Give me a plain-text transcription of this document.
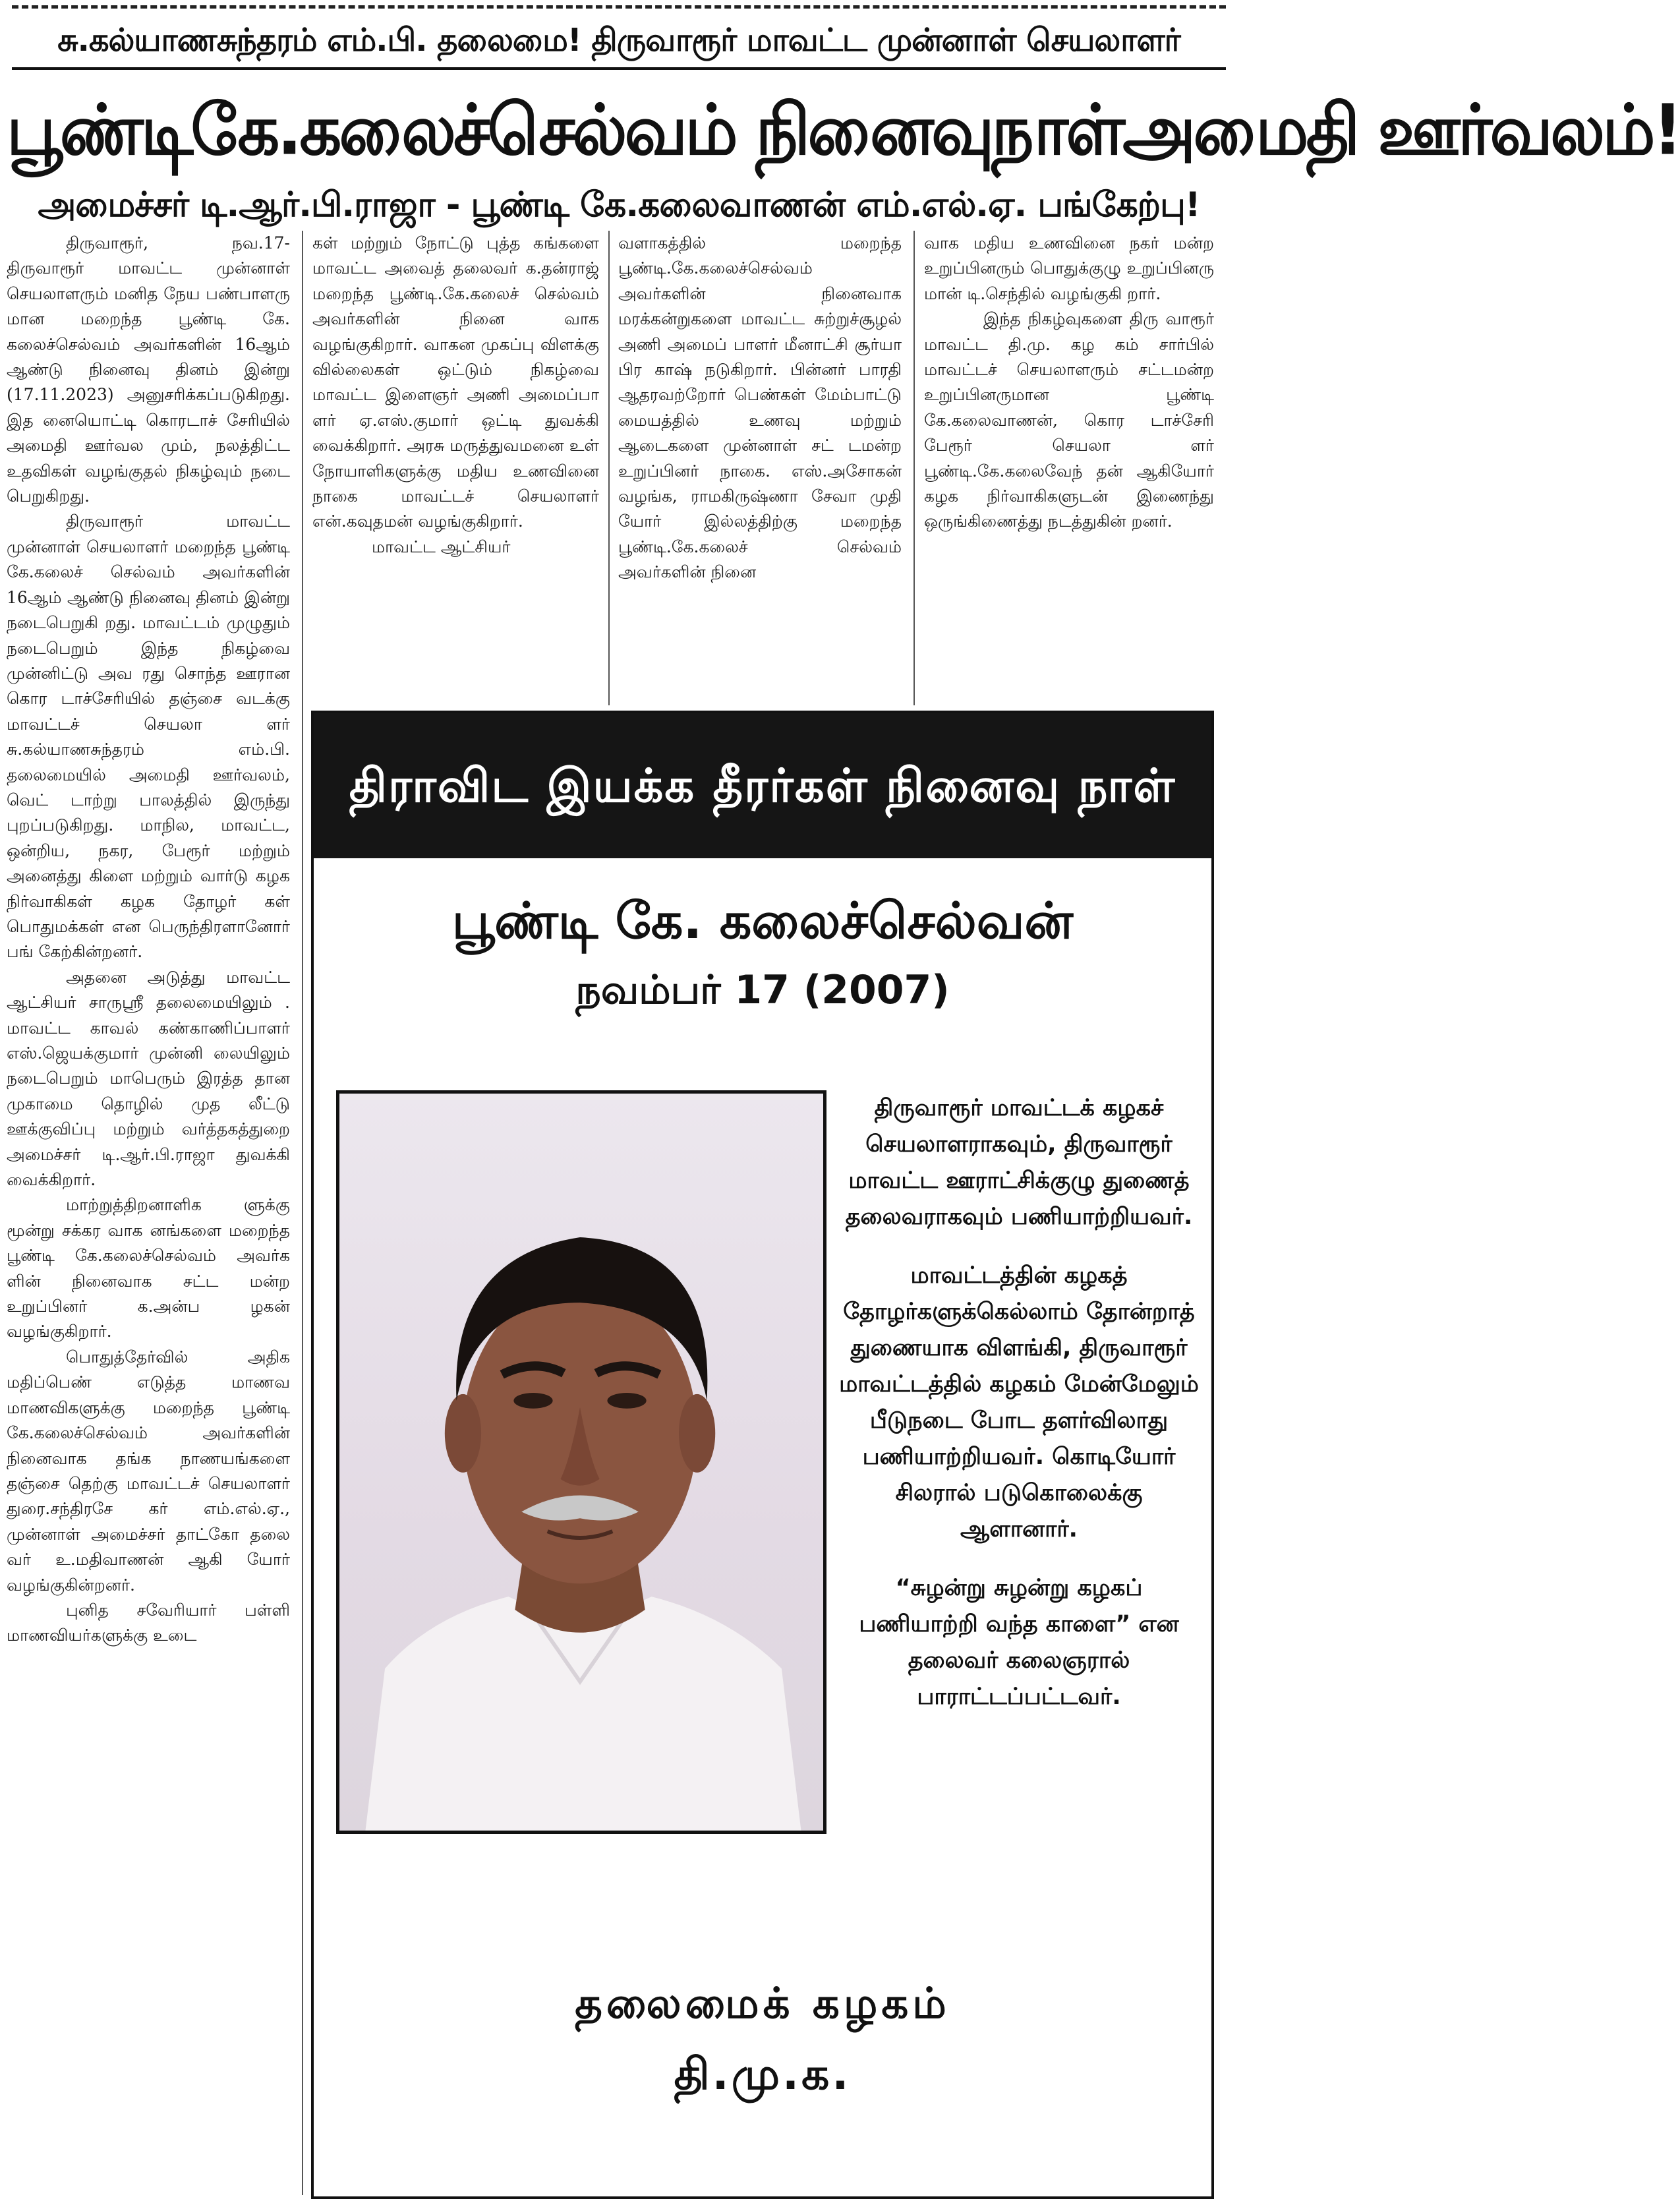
சு.கல்யாணசுந்தரம் எம்.பி. தலைமை! திருவாரூர் மாவட்ட முன்னாள் செயலாளர்
பூண்டிகே.கலைச்செல்வம் நினைவுநாள்அமைதி ஊர்வலம்!
அமைச்சர் டி.ஆர்.பி.ராஜா - பூண்டி கே.கலைவாணன் எம்.எல்.ஏ. பங்கேற்பு!

திருவாரூர், நவ.17- திருவாரூர் மாவட்ட முன்னாள் செயலாளரும் மனித நேய பண்பாளரு மான மறைந்த பூண்டி கே. கலைச்செல்வம் அவர்களின் 16ஆம் ஆண்டு நினைவு தினம் இன்று (17.11.2023) அனுசரிக்கப்படுகிறது. இத னையொட்டி கொரடாச் சேரியில் அமைதி ஊர்வல மும், நலத்திட்ட உதவிகள் வழங்குதல் நிகழ்வும் நடை பெறுகிறது.

திருவாரூர் மாவட்ட முன்னாள் செயலாளர் மறைந்த பூண்டி கே.கலைச் செல்வம் அவர்களின் 16ஆம் ஆண்டு நினைவு தினம் இன்று நடைபெறுகி றது. மாவட்டம் முழுதும் நடைபெறும் இந்த நிகழ்வை முன்னிட்டு அவ ரது சொந்த ஊரான கொர டாச்சேரியில் தஞ்சை வடக்கு மாவட்டச் செயலா ளர் சு.கல்யாணசுந்தரம் எம்.பி. தலைமையில் அமைதி ஊர்வலம், வெட் டாற்று பாலத்தில் இருந்து புறப்படுகிறது. மாநில, மாவட்ட, ஒன்றிய, நகர, பேரூர் மற்றும் அனைத்து கிளை மற்றும் வார்டு கழக நிர்வாகிகள் கழக தோழர் கள் பொதுமக்கள் என பெருந்திரளானோர் பங் கேற்கின்றனர்.

அதனை அடுத்து மாவட்ட ஆட்சியர் சாருஸ்ரீ தலைமையிலும் . மாவட்ட காவல் கண்காணிப்பாளர் எஸ்.ஜெயக்குமார் முன்னி லையிலும் நடைபெறும் மாபெரும் இரத்த தான முகாமை தொழில் முத லீட்டு ஊக்குவிப்பு மற்றும் வர்த்தகத்துறை அமைச்சர் டி.ஆர்.பி.ராஜா துவக்கி வைக்கிறார்.

மாற்றுத்திறனாளிக ளுக்கு மூன்று சக்கர வாக னங்களை மறைந்த பூண்டி கே.கலைச்செல்வம் அவர்க ளின் நினைவாக சட்ட மன்ற உறுப்பினர் க.அன்ப ழகன் வழங்குகிறார்.

பொதுத்தேர்வில் அதிக மதிப்பெண் எடுத்த மாணவ மாணவிகளுக்கு மறைந்த பூண்டி கே.கலைச்செல்வம் அவர்களின் நினைவாக தங்க நாணயங்களை தஞ்சை தெற்கு மாவட்டச் செயலாளர் துரை.சந்திரசே கர் எம்.எல்.ஏ., முன்னாள் அமைச்சர் தாட்கோ தலை வர் உ.மதிவாணன் ஆகி யோர் வழங்குகின்றனர்.

புனித சவேரியார் பள்ளி மாணவியர்களுக்கு உடை

கள் மற்றும் நோட்டு புத்த கங்களை மாவட்ட அவைத் தலைவர் க.தன்ராஜ் மறைந்த பூண்டி.கே.கலைச் செல்வம் அவர்களின் நினை வாக வழங்குகிறார். வாகன முகப்பு விளக்கு வில்லைகள் ஒட்டும் நிகழ்வை மாவட்ட இளைஞர் அணி அமைப்பா ளர் ஏ.எஸ்.குமார் ஒட்டி துவக்கி வைக்கிறார். அரசு மருத்துவமனை உள் நோயாளிகளுக்கு மதிய உணவினை நாகை மாவட்டச் செயலாளர் என்.கவுதமன் வழங்குகிறார்.

மாவட்ட ஆட்சியர்

வளாகத்தில் மறைந்த பூண்டி.கே.கலைச்செல்வம் அவர்களின் நினைவாக மரக்கன்றுகளை மாவட்ட சுற்றுச்சூழல் அணி அமைப் பாளர் மீனாட்சி சூர்யா பிர காஷ் நடுகிறார். பின்னர் பாரதி ஆதரவற்றோர் பெண்கள் மேம்பாட்டு மையத்தில் உணவு மற்றும் ஆடைகளை முன்னாள் சட் டமன்ற உறுப்பினர் நாகை. எஸ்.அசோகன் வழங்க, ராமகிருஷ்ணா சேவா முதி யோர் இல்லத்திற்கு மறைந்த பூண்டி.கே.கலைச் செல்வம் அவர்களின் நினை

வாக மதிய உணவினை நகர் மன்ற உறுப்பினரும் பொதுக்குழு உறுப்பினரு மான் டி.செந்தில் வழங்குகி றார்.

இந்த நிகழ்வுகளை திரு வாரூர் மாவட்ட தி.மு. கழ கம் சார்பில் மாவட்டச் செயலாளரும் சட்டமன்ற உறுப்பினருமான பூண்டி கே.கலைவாணன், கொர டாச்சேரி பேரூர் செயலா ளர் பூண்டி.கே.கலைவேந் தன் ஆகியோர் கழக நிர்வாகிகளுடன் இணைந்து ஒருங்கிணைத்து நடத்துகின் றனர்.

திராவிட இயக்க தீரர்கள் நினைவு நாள்
பூண்டி கே. கலைச்செல்வன்
நவம்பர் 17 (2007)

திருவாரூர் மாவட்டக் கழகச் செயலாளராகவும், திருவாரூர் மாவட்ட ஊராட்சிக்குழு துணைத் தலைவராகவும் பணியாற்றியவர்.

மாவட்டத்தின் கழகத் தோழர்களுக்கெல்லாம் தோன்றாத் துணையாக விளங்கி, திருவாரூர் மாவட்டத்தில் கழகம் மேன்மேலும் பீடுநடை போட தளர்விலாது பணியாற்றியவர். கொடியோர் சிலரால் படுகொலைக்கு ஆளானார்.

“சுழன்று சுழன்று கழகப் பணியாற்றி வந்த காளை” என தலைவர் கலைஞரால் பாராட்டப்பட்டவர்.

தலைமைக் கழகம்
தி.மு.க.
